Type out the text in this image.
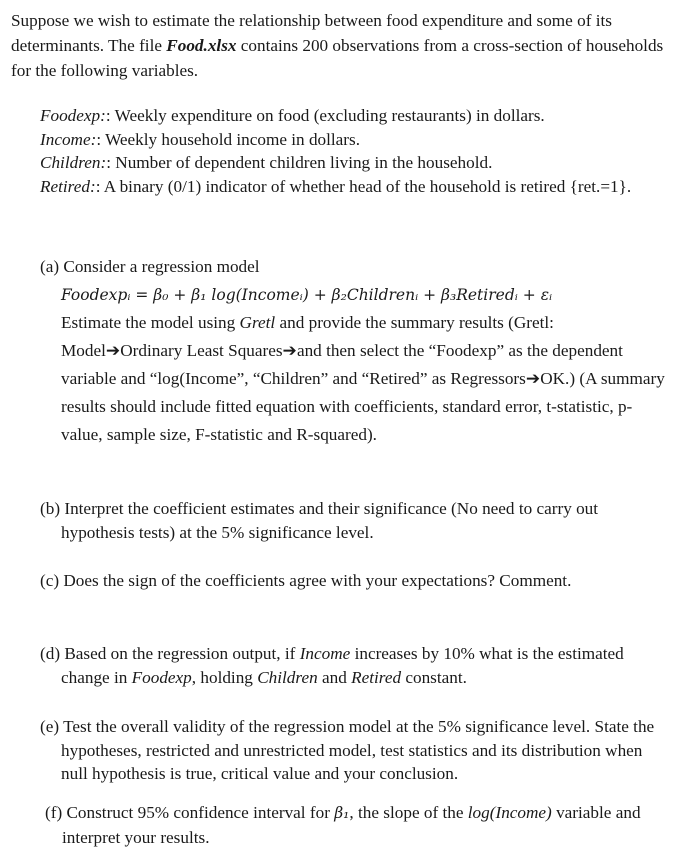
Suppose we wish to estimate the relationship between food expenditure and some of its determinants. The file Food.xlsx contains 200 observations from a cross-section of households for the following variables.
Foodexp:: Weekly expenditure on food (excluding restaurants) in dollars.
Income:: Weekly household income in dollars.
Children:: Number of dependent children living in the household.
Retired:: A binary (0/1) indicator of whether head of the household is retired {ret.=1}.
(a) Consider a regression model
Foodexpᵢ = β₀ + β₁ log(Incomeᵢ) + β₂Childrenᵢ + β₃Retiredᵢ + εᵢ
Estimate the model using Gretl and provide the summary results (Gretl: Model➔Ordinary Least Squares➔and then select the “Foodexp” as the dependent variable and “log(Income”, “Children” and “Retired” as Regressors➔OK.) (A summary results should include fitted equation with coefficients, standard error, t-statistic, p-value, sample size, F-statistic and R-squared).
(b) Interpret the coefficient estimates and their significance (No need to carry out hypothesis tests) at the 5% significance level.
(c) Does the sign of the coefficients agree with your expectations? Comment.
(d) Based on the regression output, if Income increases by 10% what is the estimated change in Foodexp, holding Children and Retired constant.
(e) Test the overall validity of the regression model at the 5% significance level. State the hypotheses, restricted and unrestricted model, test statistics and its distribution when null hypothesis is true, critical value and your conclusion.
(f) Construct 95% confidence interval for β₁, the slope of the log(Income) variable and interpret your results.
